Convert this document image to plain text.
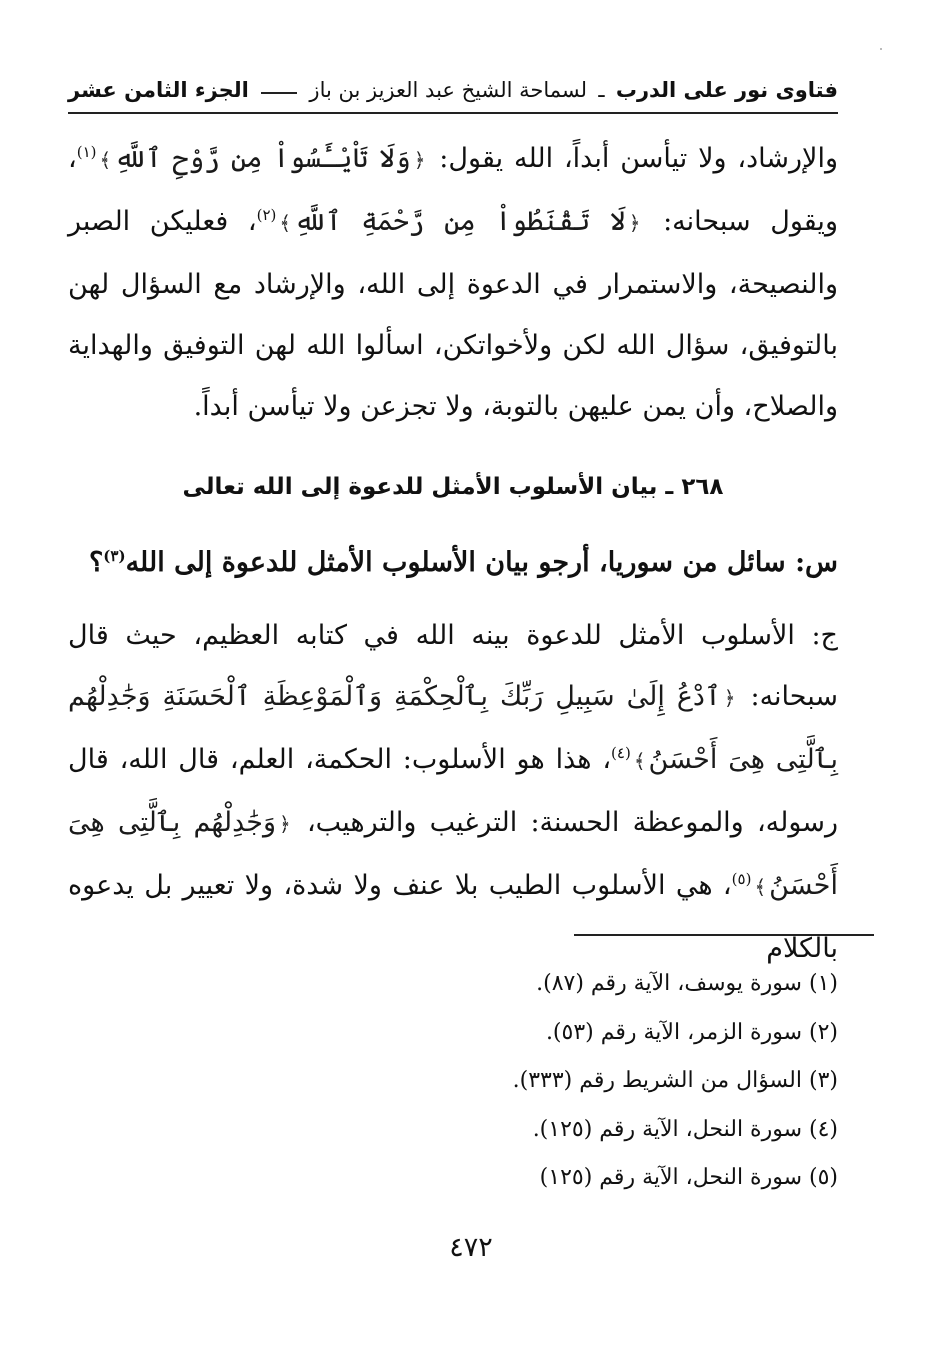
فتاوى نور على الدرب ـ لسماحة الشيخ عبد العزيز بن باز
الجزء الثامن عشر
والإرشاد، ولا تيأسن أبداً، الله يقول: ﴿وَلَا تَاْيْـَٔسُواْ مِن رَّوْحِ ٱللَّهِ﴾$^{(١)}$، ويقول سبحانه: ﴿لَا تَقْنَطُواْ مِن رَّحْمَةِ ٱللَّهِ﴾$^{(٢)}$، فعليكن الصبر والنصيحة، والاستمرار في الدعوة إلى الله، والإرشاد مع السؤال لهن بالتوفيق، سؤال الله لكن ولأخواتكن، اسألوا الله لهن التوفيق والهداية والصلاح، وأن يمن عليهن بالتوبة، ولا تجزعن ولا تيأسن أبداً.
٢٦٨ ـ بيان الأسلوب الأمثل للدعوة إلى الله تعالى
س: سائل من سوريا، أرجو بيان الأسلوب الأمثل للدعوة إلى الله$^{(٣)}$؟
ج: الأسلوب الأمثل للدعوة بينه الله في كتابه العظيم، حيث قال سبحانه: ﴿ٱدْعُ إِلَىٰ سَبِيلِ رَبِّكَ بِٱلْحِكْمَةِ وَٱلْمَوْعِظَةِ ٱلْحَسَنَةِ وَجَٰدِلْهُم بِٱلَّتِى هِىَ أَحْسَنُ﴾$^{(٤)}$، هذا هو الأسلوب: الحكمة، العلم، قال الله، قال رسوله، والموعظة الحسنة: الترغيب والترهيب، ﴿وَجَٰدِلْهُم بِٱلَّتِى هِىَ أَحْسَنُ﴾$^{(٥)}$، هي الأسلوب الطيب بلا عنف ولا شدة، ولا تعيير بل يدعوه بالكلام
(١) سورة يوسف، الآية رقم (٨٧).
(٢) سورة الزمر، الآية رقم (٥٣).
(٣) السؤال من الشريط رقم (٣٣٣).
(٤) سورة النحل، الآية رقم (١٢٥).
(٥) سورة النحل، الآية رقم (١٢٥)
٤٧٢
